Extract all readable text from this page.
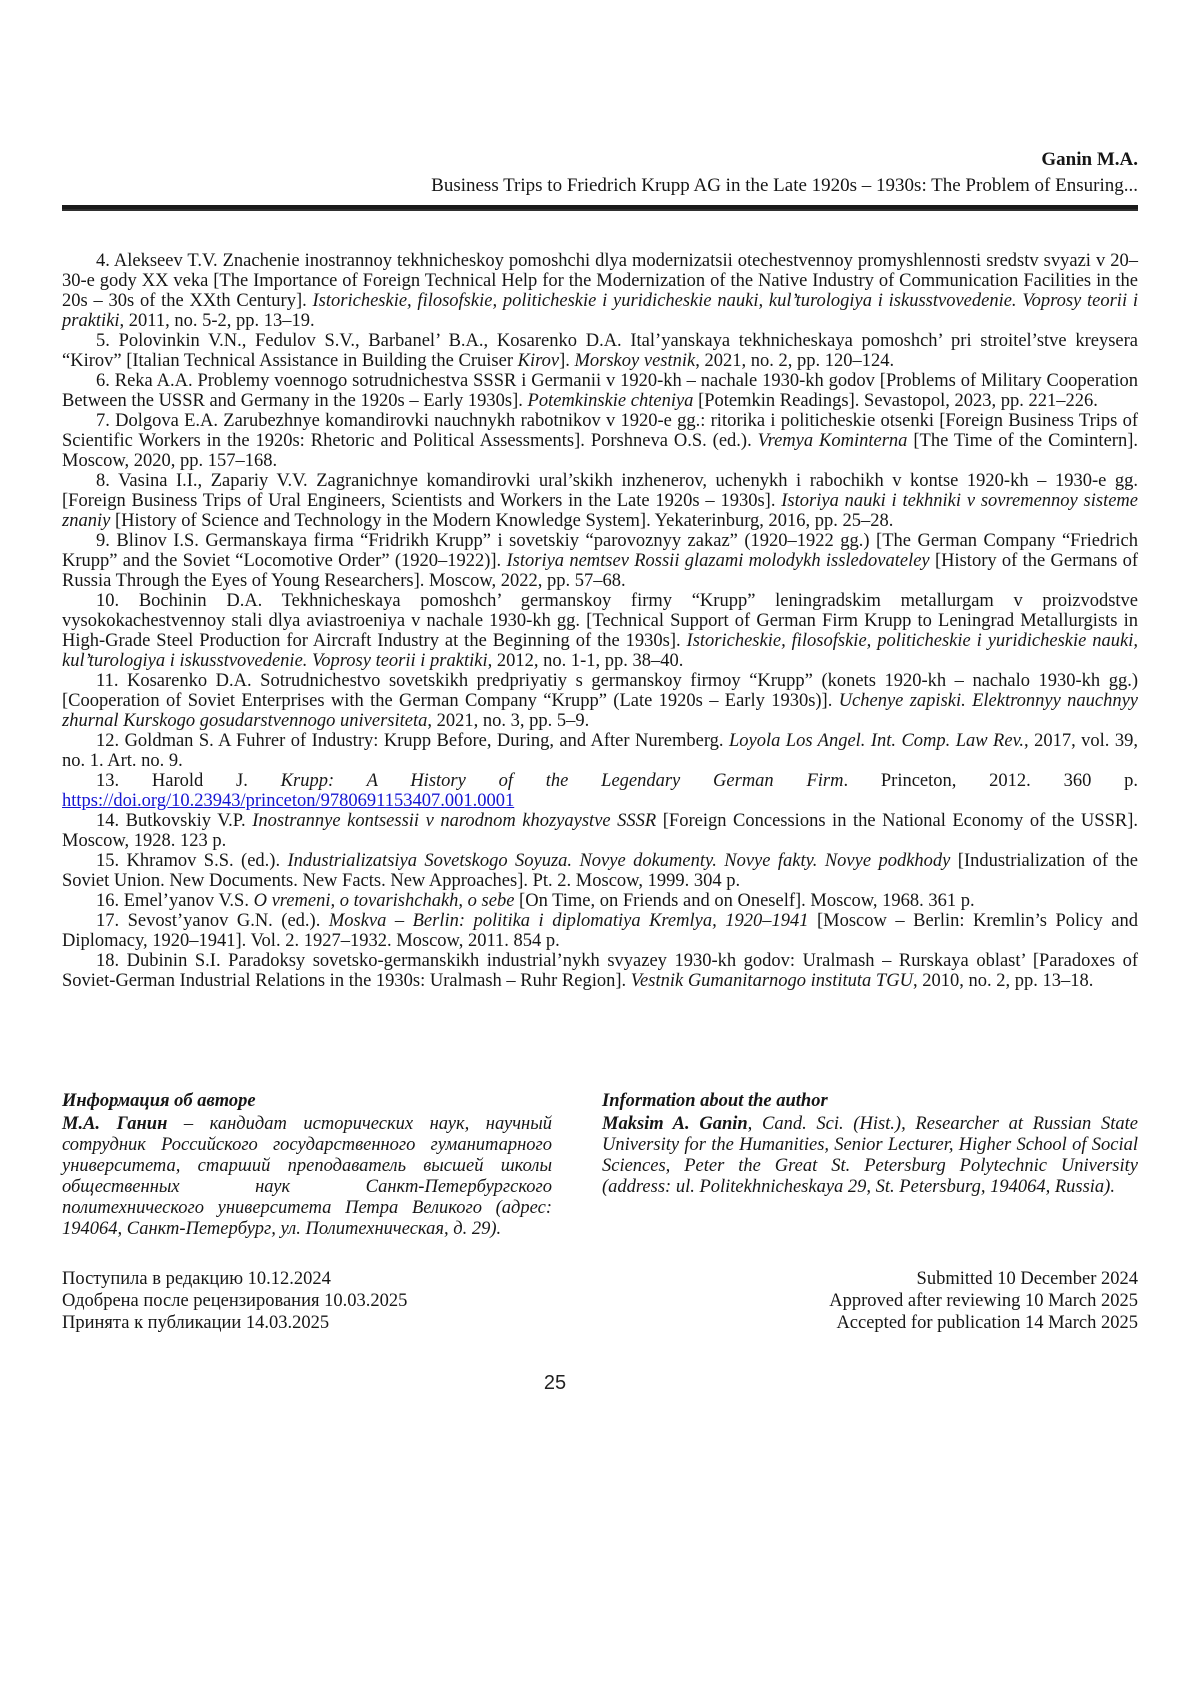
Ganin M.A.
Business Trips to Friedrich Krupp AG in the Late 1920s – 1930s: The Problem of Ensuring...

4. Alekseev T.V. Znachenie inostrannoy tekhnicheskoy pomoshchi dlya modernizatsii otechestvennoy promyshlennosti sredstv svyazi v 20–30-e gody XX veka [The Importance of Foreign Technical Help for the Modernization of the Native Industry of Communication Facilities in the 20s – 30s of the XXth Century]. Istoricheskie, filosofskie, politicheskie i yuridicheskie nauki, kul’turologiya i iskusstvovedenie. Voprosy teorii i praktiki, 2011, no. 5-2, pp. 13–19.

5. Polovinkin V.N., Fedulov S.V., Barbanel’ B.A., Kosarenko D.A. Ital’yanskaya tekhnicheskaya pomoshch’ pri stroitel’stve kreysera “Kirov” [Italian Technical Assistance in Building the Cruiser Kirov]. Morskoy vestnik, 2021, no. 2, pp. 120–124.

6. Reka A.A. Problemy voennogo sotrudnichestva SSSR i Germanii v 1920-kh – nachale 1930-kh godov [Problems of Military Cooperation Between the USSR and Germany in the 1920s – Early 1930s]. Potemkinskie chteniya [Potemkin Readings]. Sevastopol, 2023, pp. 221–226.

7. Dolgova E.A. Zarubezhnye komandirovki nauchnykh rabotnikov v 1920-e gg.: ritorika i politicheskie otsenki [Foreign Business Trips of Scientific Workers in the 1920s: Rhetoric and Political Assessments]. Porshneva O.S. (ed.). Vremya Kominterna [The Time of the Comintern]. Moscow, 2020, pp. 157–168.

8. Vasina I.I., Zapariy V.V. Zagranichnye komandirovki ural’skikh inzhenerov, uchenykh i rabochikh v kontse 1920-kh – 1930-e gg. [Foreign Business Trips of Ural Engineers, Scientists and Workers in the Late 1920s – 1930s]. Istoriya nauki i tekhniki v sovremennoy sisteme znaniy [History of Science and Technology in the Modern Knowledge System]. Yekaterinburg, 2016, pp. 25–28.

9. Blinov I.S. Germanskaya firma “Fridrikh Krupp” i sovetskiy “parovoznyy zakaz” (1920–1922 gg.) [The German Company “Friedrich Krupp” and the Soviet “Locomotive Order” (1920–1922)]. Istoriya nemtsev Rossii glazami molodykh issledovateley [History of the Germans of Russia Through the Eyes of Young Researchers]. Moscow, 2022, pp. 57–68.

10. Bochinin D.A. Tekhnicheskaya pomoshch’ germanskoy firmy “Krupp” leningradskim metallurgam v proizvodstve vysokokachestvennoy stali dlya aviastroeniya v nachale 1930-kh gg. [Technical Support of German Firm Krupp to Leningrad Metallurgists in High-Grade Steel Production for Aircraft Industry at the Beginning of the 1930s]. Istoricheskie, filosofskie, politicheskie i yuridicheskie nauki, kul’turologiya i iskusstvovedenie. Voprosy teorii i praktiki, 2012, no. 1-1, pp. 38–40.

11. Kosarenko D.A. Sotrudnichestvo sovetskikh predpriyatiy s germanskoy firmoy “Krupp” (konets 1920-kh – nachalo 1930-kh gg.) [Cooperation of Soviet Enterprises with the German Company “Krupp” (Late 1920s – Early 1930s)]. Uchenye zapiski. Elektronnyy nauchnyy zhurnal Kurskogo gosudarstvennogo universiteta, 2021, no. 3, pp. 5–9.

12. Goldman S. A Fuhrer of Industry: Krupp Before, During, and After Nuremberg. Loyola Los Angel. Int. Comp. Law Rev., 2017, vol. 39, no. 1. Art. no. 9.

13. Harold J. Krupp: A History of the Legendary German Firm. Princeton, 2012. 360 p. https://doi.org/10.23943/princeton/9780691153407.001.0001

14. Butkovskiy V.P. Inostrannye kontsessii v narodnom khozyaystve SSSR [Foreign Concessions in the National Economy of the USSR]. Moscow, 1928. 123 p.

15. Khramov S.S. (ed.). Industrializatsiya Sovetskogo Soyuza. Novye dokumenty. Novye fakty. Novye podkhody [Industrialization of the Soviet Union. New Documents. New Facts. New Approaches]. Pt. 2. Moscow, 1999. 304 p.

16. Emel’yanov V.S. O vremeni, o tovarishchakh, o sebe [On Time, on Friends and on Oneself]. Moscow, 1968. 361 p.

17. Sevost’yanov G.N. (ed.). Moskva – Berlin: politika i diplomatiya Kremlya, 1920–1941 [Moscow – Berlin: Kremlin’s Policy and Diplomacy, 1920–1941]. Vol. 2. 1927–1932. Moscow, 2011. 854 p.

18. Dubinin S.I. Paradoksy sovetsko-germanskikh industrial’nykh svyazey 1930-kh godov: Uralmash – Rurskaya oblast’ [Paradoxes of Soviet-German Industrial Relations in the 1930s: Uralmash – Ruhr Region]. Vestnik Gumanitarnogo instituta TGU, 2010, no. 2, pp. 13–18.

Информация об авторе

М.А. Ганин – кандидат исторических наук, научный сотрудник Российского государственного гуманитарного университета, старший преподаватель высшей школы общественных наук Санкт-Петербургского политехнического университета Петра Великого (адрес: 194064, Санкт-Петербург, ул. Политехническая, д. 29).

Information about the author

Maksim A. Ganin, Cand. Sci. (Hist.), Researcher at Russian State University for the Humanities, Senior Lecturer, Higher School of Social Sciences, Peter the Great St. Petersburg Polytechnic University (address: ul. Politekhnicheskaya 29, St. Petersburg, 194064, Russia).

Поступила в редакцию 10.12.2024
Одобрена после рецензирования 10.03.2025
Принята к публикации 14.03.2025
Submitted 10 December 2024
Approved after reviewing 10 March 2025
Accepted for publication 14 March 2025
25
